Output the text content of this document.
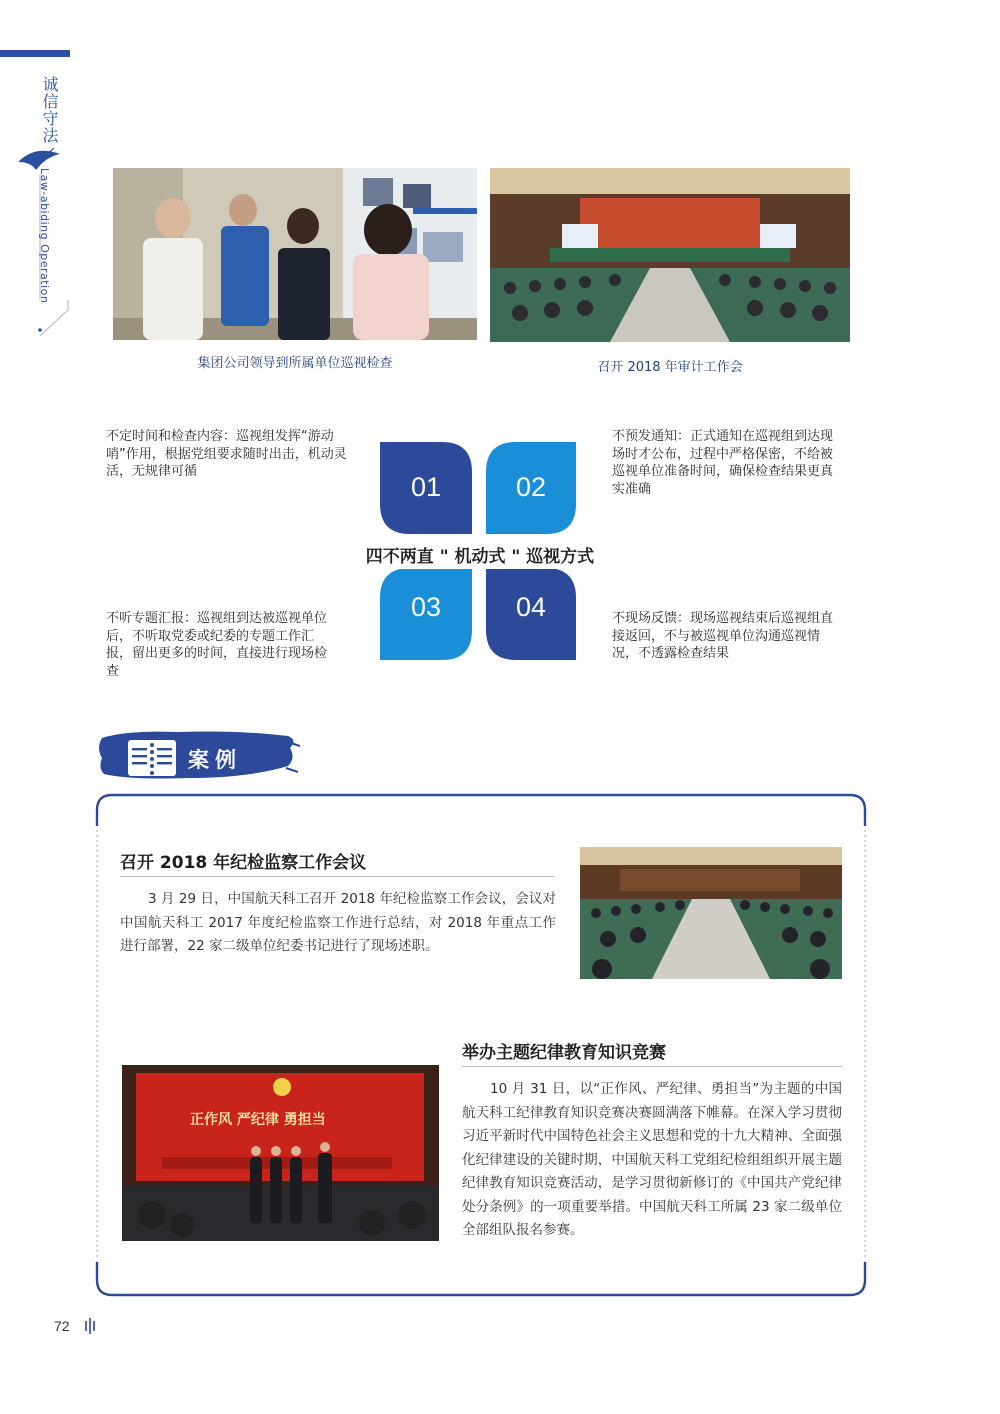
诚信守法
Law-abiding Operation
集团公司领导到所属单位巡视检查	召开 2018 年审计工作会
不定时间和检查内容：巡视组发挥“游动哨”作用，根据党组要求随时出击，机动灵活，无规律可循
不预发通知：正式通知在巡视组到达现场时才公布，过程中严格保密，不给被巡视单位准备时间，确保检查结果更真实准确
不听专题汇报：巡视组到达被巡视单位后，不听取党委或纪委的专题工作汇报，留出更多的时间，直接进行现场检查
不现场反馈：现场巡视结束后巡视组直接返回，不与被巡视单位沟通巡视情况，不透露检查结果
01	02
03	04
四不两直 " 机动式 " 巡视方式
案例
召开 2018 年纪检监察工作会议
3 月 29 日，中国航天科工召开 2018 年纪检监察工作会议，会议对中国航天科工 2017 年度纪检监察工作进行总结，对 2018 年重点工作进行部署，22 家二级单位纪委书记进行了现场述职。
举办主题纪律教育知识竞赛
10 月 31 日，以“正作风、严纪律、勇担当”为主题的中国航天科工纪律教育知识竞赛决赛圆满落下帷幕。在深入学习贯彻习近平新时代中国特色社会主义思想和党的十九大精神、全面强化纪律建设的关键时期，中国航天科工党组纪检组组织开展主题纪律教育知识竞赛活动，是学习贯彻新修订的《中国共产党纪律处分条例》的一项重要举措。中国航天科工所属 23 家二级单位全部组队报名参赛。
正作风 严纪律 勇担当
72
